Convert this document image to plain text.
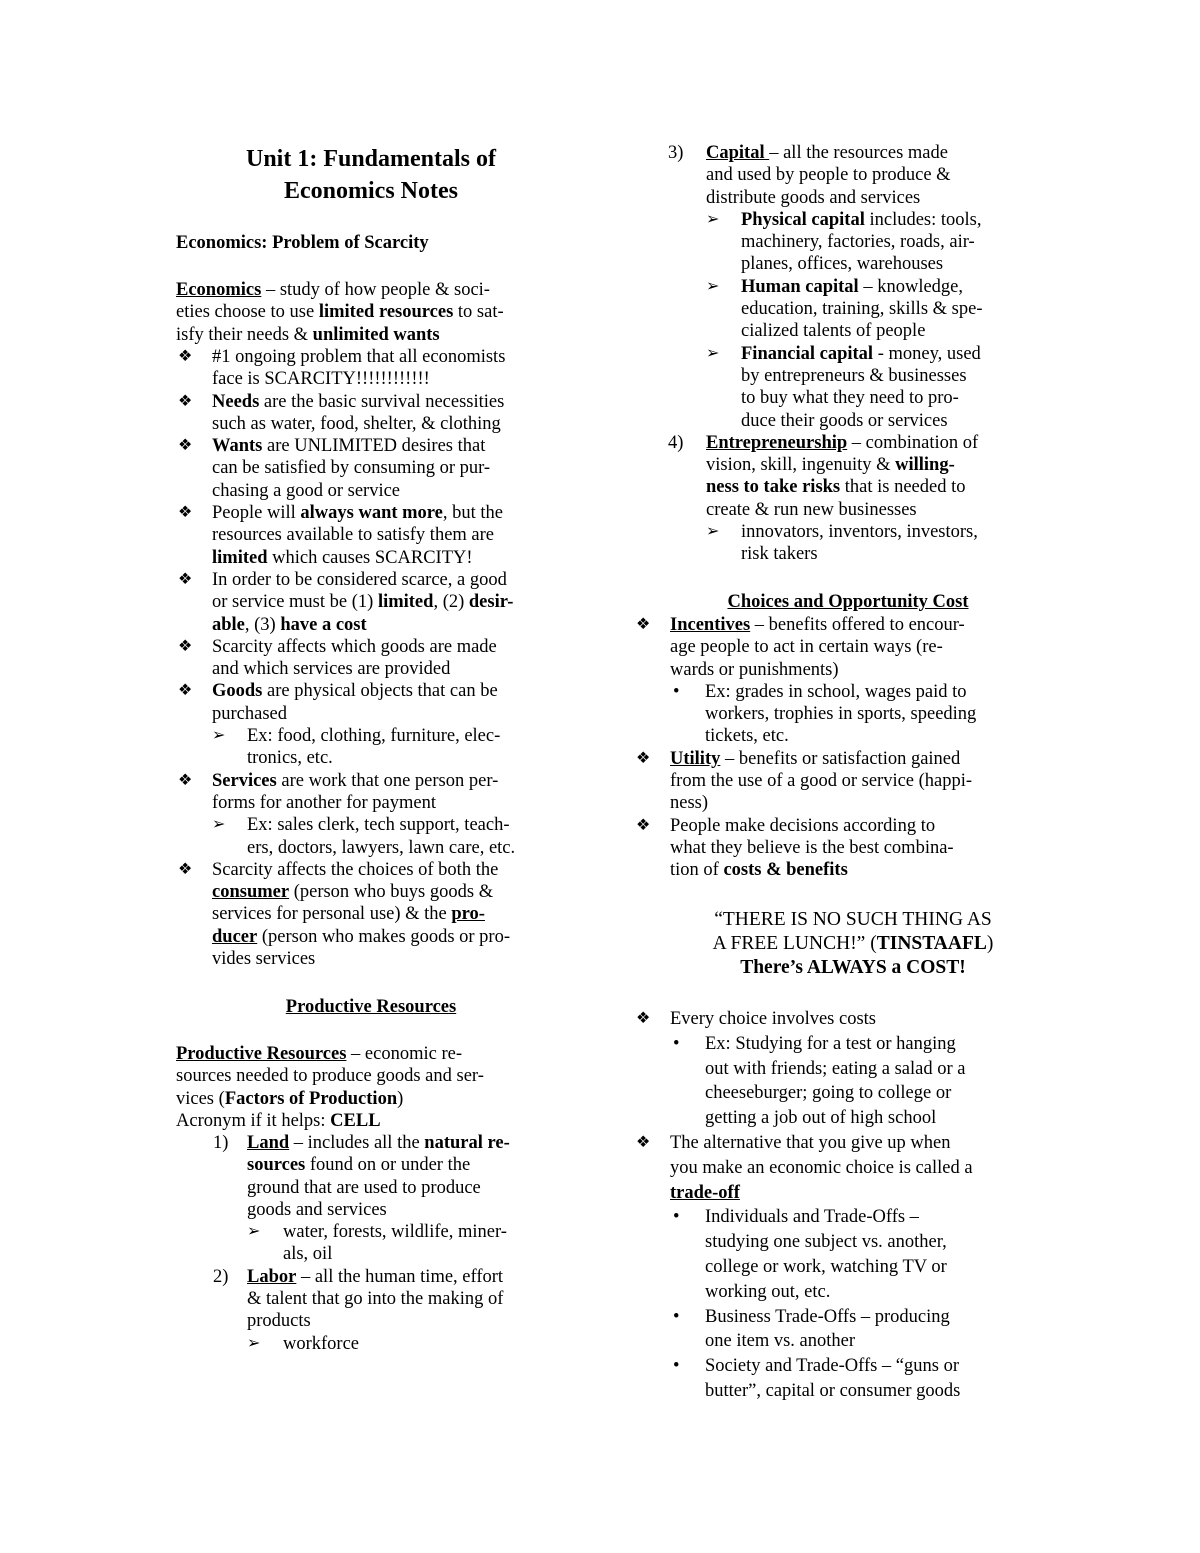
Unit 1: Fundamentals of
Economics Notes
Economics: Problem of Scarcity
Economics – study of how people & soci-
eties choose to use limited resources to sat-
isfy their needs & unlimited wants
❖ #1 ongoing problem that all economists
face is SCARCITY!!!!!!!!!!!!
❖ Needs are the basic survival necessities
such as water, food, shelter, & clothing
❖ Wants are UNLIMITED desires that
can be satisfied by consuming or pur-
chasing a good or service
❖ People will always want more, but the
resources available to satisfy them are
limited which causes SCARCITY!
❖ In order to be considered scarce, a good
or service must be (1) limited, (2) desir-
able, (3) have a cost
❖ Scarcity affects which goods are made
and which services are provided
❖ Goods are physical objects that can be
purchased
➢ Ex: food, clothing, furniture, elec-
tronics, etc.
❖ Services are work that one person per-
forms for another for payment
➢ Ex: sales clerk, tech support, teach-
ers, doctors, lawyers, lawn care, etc.
❖ Scarcity affects the choices of both the
consumer (person who buys goods &
services for personal use) & the pro-
ducer (person who makes goods or pro-
vides services
Productive Resources
Productive Resources – economic re-
sources needed to produce goods and ser-
vices (Factors of Production)
Acronym if it helps: CELL
1) Land – includes all the natural re-
sources found on or under the
ground that are used to produce
goods and services
➢ water, forests, wildlife, miner-
als, oil
2) Labor – all the human time, effort
& talent that go into the making of
products
➢ workforce
3) Capital – all the resources made
and used by people to produce &
distribute goods and services
➢ Physical capital includes: tools,
machinery, factories, roads, air-
planes, offices, warehouses
➢ Human capital – knowledge,
education, training, skills & spe-
cialized talents of people
➢ Financial capital - money, used
by entrepreneurs & businesses
to buy what they need to pro-
duce their goods or services
4) Entrepreneurship – combination of
vision, skill, ingenuity & willing-
ness to take risks that is needed to
create & run new businesses
➢ innovators, inventors, investors,
risk takers
Choices and Opportunity Cost
❖ Incentives – benefits offered to encour-
age people to act in certain ways (re-
wards or punishments)
• Ex: grades in school, wages paid to
workers, trophies in sports, speeding
tickets, etc.
❖ Utility – benefits or satisfaction gained
from the use of a good or service (happi-
ness)
❖ People make decisions according to
what they believe is the best combina-
tion of costs & benefits
“THERE IS NO SUCH THING AS
A FREE LUNCH!” (TINSTAAFL)
There’s ALWAYS a COST!
❖ Every choice involves costs
• Ex: Studying for a test or hanging
out with friends; eating a salad or a
cheeseburger; going to college or
getting a job out of high school
❖ The alternative that you give up when
you make an economic choice is called a
trade-off
• Individuals and Trade-Offs –
studying one subject vs. another,
college or work, watching TV or
working out, etc.
• Business Trade-Offs – producing
one item vs. another
• Society and Trade-Offs – “guns or
butter”, capital or consumer goods
